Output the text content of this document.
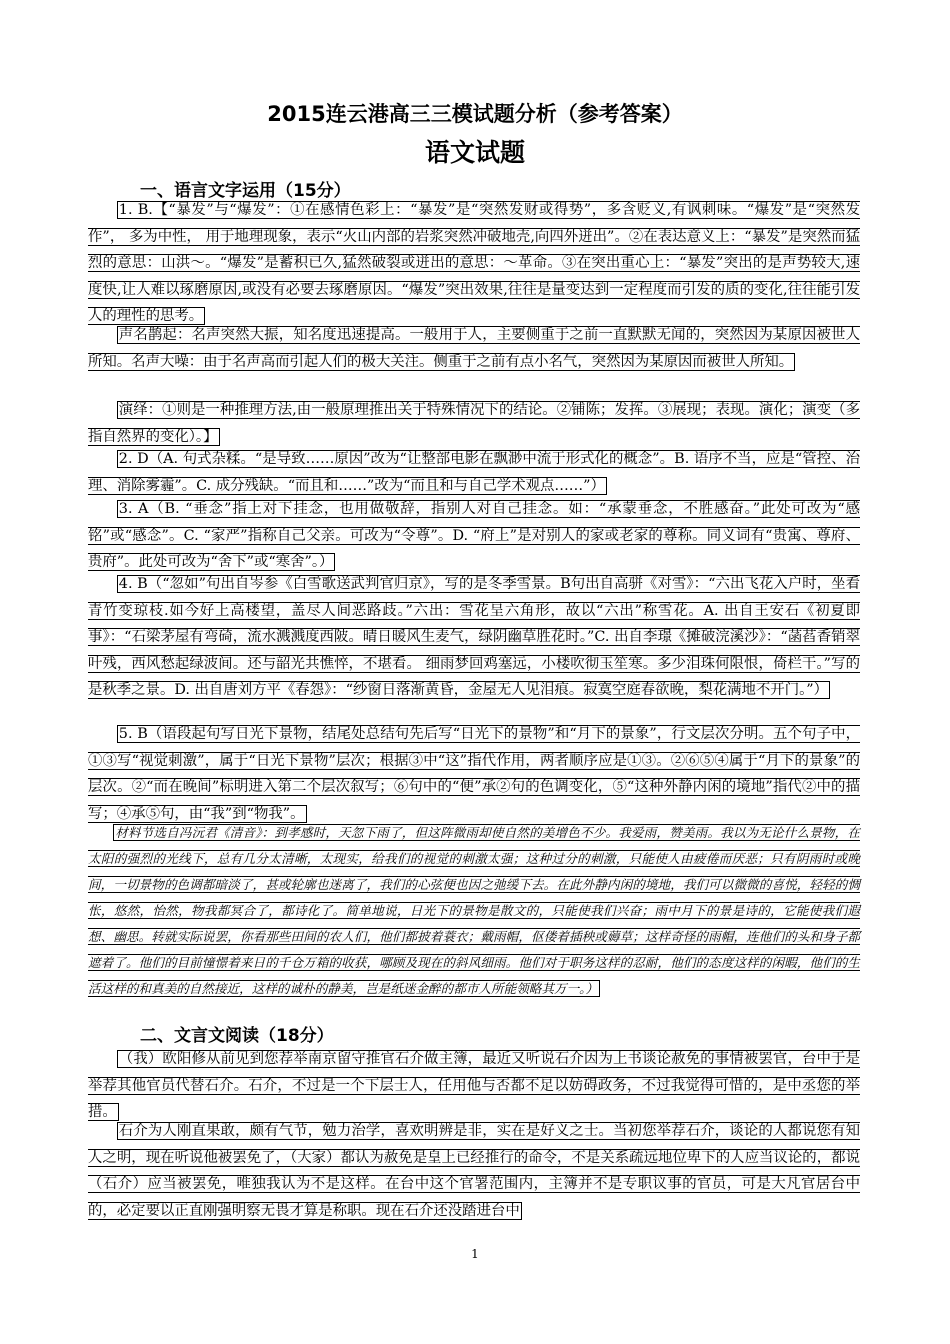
2015连云港高三三模试题分析（参考答案）
语文试题
一、语言文字运用（15分）
1. B.【“暴发”与“爆发”：①在感情色彩上：“暴发”是“突然发财或得势”，多含贬义,有讽刺味。“爆发”是“突然发作”， 多为中性， 用于地理现象，表示“火山内部的岩浆突然冲破地壳,向四外迸出”。②在表达意义上：“暴发”是突然而猛烈的意思：山洪～。“爆发”是蓄积已久,猛然破裂或迸出的意思：～革命。③在突出重心上：“暴发”突出的是声势较大,速度快,让人难以琢磨原因,或没有必要去琢磨原因。“爆发”突出效果,往往是量变达到一定程度而引发的质的变化,往往能引发人的理性的思考。
声名鹊起：名声突然大振，知名度迅速提高。一般用于人，主要侧重于之前一直默默无闻的，突然因为某原因被世人所知。名声大噪：由于名声高而引起人们的极大关注。侧重于之前有点小名气，突然因为某原因而被世人所知。
演绎：①则是一种推理方法,由一般原理推出关于特殊情况下的结论。②铺陈；发挥。③展现；表现。演化；演变（多指自然界的变化）。】
2. D（A. 句式杂糅。“是导致……原因”改为“让整部电影在飘渺中流于形式化的概念”。B. 语序不当，应是“管控、治理、消除雾霾”。C. 成分残缺。“而且和……”改为“而且和与自己学术观点……”）
3. A（B. “垂念”指上对下挂念，也用做敬辞，指别人对自己挂念。如：“承蒙垂念，不胜感奋。”此处可改为“感铭”或“感念”。C. “家严”指称自己父亲。可改为“令尊”。D. “府上”是对别人的家或老家的尊称。同义词有“贵寓、尊府、贵府”。此处可改为“舍下”或“寒舍”。）
4. B（“忽如”句出自岑参《白雪歌送武判官归京》，写的是冬季雪景。B句出自高骈《对雪》：“六出飞花入户时，坐看青竹变琼枝.如今好上高楼望，盖尽人间恶路歧。”六出：雪花呈六角形，故以“六出”称雪花。A. 出自王安石《初夏即事》：“石梁茅屋有弯碕，流水溅溅度西陂。晴日暖风生麦气，绿阴幽草胜花时。”C. 出自李璟《摊破浣溪沙》：“菡萏香销翠叶残，西风愁起绿波间。还与韶光共憔悴，不堪看。 细雨梦回鸡塞远，小楼吹彻玉笙寒。多少泪珠何限恨，倚栏干。”写的是秋季之景。D. 出自唐刘方平《春怨》：“纱窗日落渐黄昏，金屋无人见泪痕。寂寞空庭春欲晚，梨花满地不开门。”）
5. B（语段起句写日光下景物，结尾处总结句先后写“日光下的景物”和“月下的景象”，行文层次分明。五个句子中，①③写“视觉刺激”，属于“日光下景物”层次；根据③中“这”指代作用，两者顺序应是①③。②⑥⑤④属于“月下的景象”的层次。②“而在晚间”标明进入第二个层次叙写；⑥句中的“便”承②句的色调变化，⑤“这种外静内闲的境地”指代②中的描写；④承⑤句，由“我”到“物我”。
材料节选自冯沅君《清音》：到孝感时，天忽下雨了，但这阵微雨却使自然的美增色不少。我爱雨，赞美雨。我以为无论什么景物，在太阳的强烈的光线下，总有几分太清晰，太现实，给我们的视觉的刺激太强；这种过分的刺激，只能使人由疲倦而厌恶；只有阴雨时或晚间，一切景物的色调都暗淡了，甚或轮廓也迷离了，我们的心弦便也因之弛缓下去。在此外静内闲的境地，我们可以微微的喜悦，轻轻的惆怅，悠然，怡然，物我都冥合了，都诗化了。简单地说，日光下的景物是散文的，只能使我们兴奋；雨中月下的景是诗的，它能使我们遐想、幽思。转就实际说罢，你看那些田间的农人们，他们都披着蓑衣；戴雨帽，伛偻着插秧或薅草；这样奇怪的雨帽，连他们的头和身子都遮着了。他们的目前憧憬着来日的千仓万箱的收获，哪顾及现在的斜风细雨。他们对于职务这样的忍耐，他们的态度这样的闲暇，他们的生活这样的和真美的自然接近，这样的诚朴的静美，岂是纸迷金醉的都市人所能领略其万一。）
二、文言文阅读（18分）
（我）欧阳修从前见到您荐举南京留守推官石介做主簿，最近又听说石介因为上书谈论赦免的事情被罢官，台中于是举荐其他官员代替石介。石介，不过是一个下层士人，任用他与否都不足以妨碍政务，不过我觉得可惜的，是中丞您的举措。
石介为人刚直果敢，颇有气节，勉力治学，喜欢明辨是非，实在是好义之士。当初您举荐石介，谈论的人都说您有知人之明，现在听说他被罢免了，（大家）都认为赦免是皇上已经推行的命令，不是关系疏远地位卑下的人应当议论的，都说（石介）应当被罢免，唯独我认为不是这样。在台中这个官署范围内，主簿并不是专职议事的官员，可是大凡官居台中的，必定要以正直刚强明察无畏才算是称职。现在石介还没踏进台中
1
